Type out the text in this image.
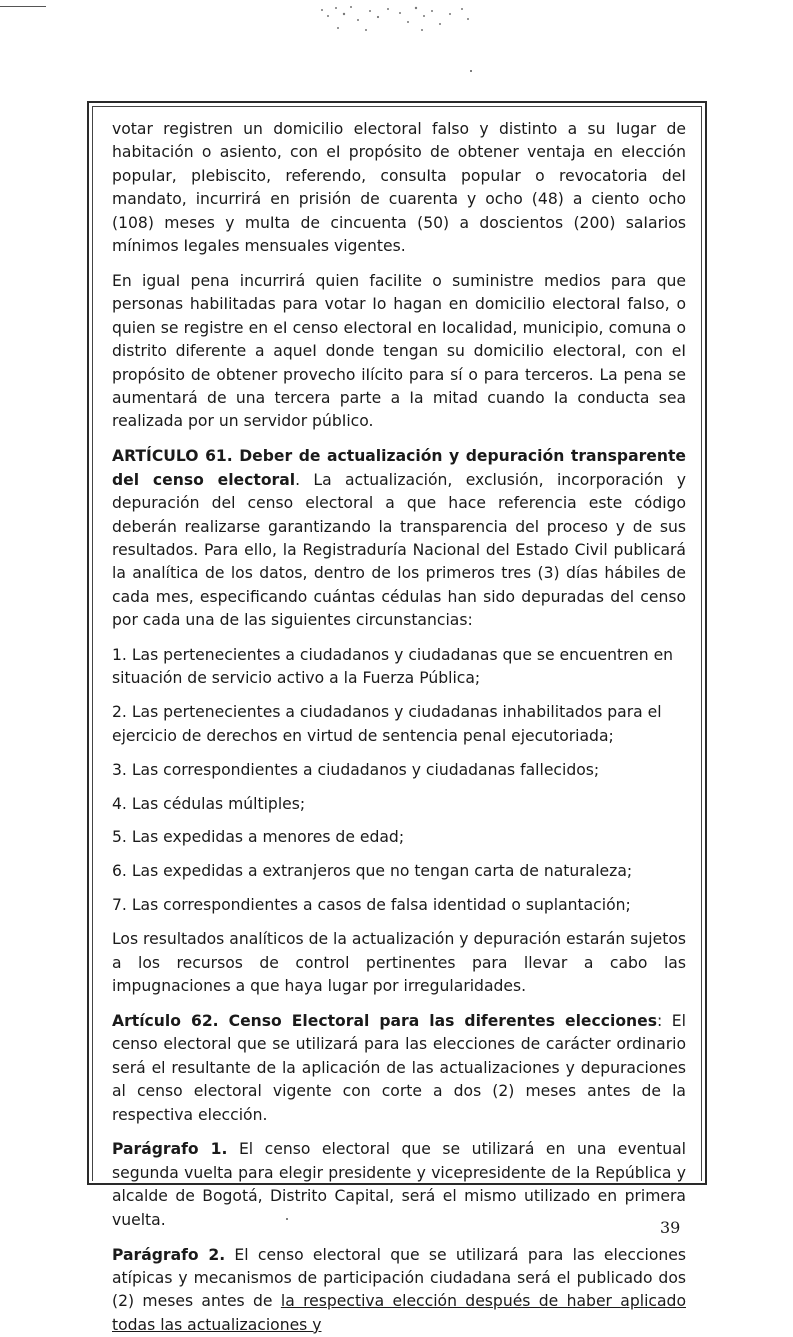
votar registren un domicilio electoral falso y distinto a su Iugar de habitación o asiento, con eI propósito de obtener ventaja en eIección popuIar, pIebiscito, referendo, consuIta popuIar o revocatoria deI mandato, incurrirá en prisión de cuarenta y ocho (48) a ciento ocho (108) meses y muIta de cincuenta (50) a doscientos (200) saIarios mínimos IegaIes mensuaIes vigentes.

En iguaI pena incurrirá quien faciIite o suministre medios para que personas habiIitadas para votar Io hagan en domiciIio eIectoraI faIso, o quien se registre en eI censo eIectoraI en IocaIidad, municipio, comuna o distrito diferente a aqueI donde tengan su domiciIio eIectoraI, con eI propósito de obtener provecho iIícito para sí o para terceros. La pena se aumentará de una tercera parte a Ia mitad cuando Ia conducta sea realizada por un servidor púbIico.

ARTÍCULO 61. Deber de actualización y depuración transparente del censo electoral. La actualización, exclusión, incorporación y depuración del censo electoral a que hace referencia este código deberán realizarse garantizando la transparencia del proceso y de sus resultados. Para ello, la Registraduría Nacional del Estado Civil publicará la analítica de los datos, dentro de los primeros tres (3) días hábiles de cada mes, especificando cuántas cédulas han sido depuradas del censo por cada una de las siguientes circunstancias:

1. Las pertenecientes a ciudadanos y ciudadanas que se encuentren en situación de servicio activo a la Fuerza Pública;

2. Las pertenecientes a ciudadanos y ciudadanas inhabilitados para el ejercicio de derechos en virtud de sentencia penal ejecutoriada;

3. Las correspondientes a ciudadanos y ciudadanas fallecidos;

4. Las cédulas múltiples;

5. Las expedidas a menores de edad;

6. Las expedidas a extranjeros que no tengan carta de naturaleza;

7. Las correspondientes a casos de falsa identidad o suplantación;

Los resultados analíticos de la actualización y depuración estarán sujetos a los recursos de control pertinentes para llevar a cabo las impugnaciones a que haya lugar por irregularidades.

Artículo 62. Censo Electoral para las diferentes elecciones: El censo electoral que se utilizará para las elecciones de carácter ordinario será el resultante de la aplicación de las actualizaciones y depuraciones al censo electoral vigente con corte a dos (2) meses antes de la respectiva elección.

Parágrafo 1. El censo electoral que se utilizará en una eventual segunda vuelta para elegir presidente y vicepresidente de la República y alcalde de Bogotá, Distrito Capital, será el mismo utilizado en primera vuelta.

Parágrafo 2. El censo electoral que se utilizará para las elecciones atípicas y mecanismos de participación ciudadana será el publicado dos (2) meses antes de la respectiva elección después de haber aplicado todas las actualizaciones y

39
